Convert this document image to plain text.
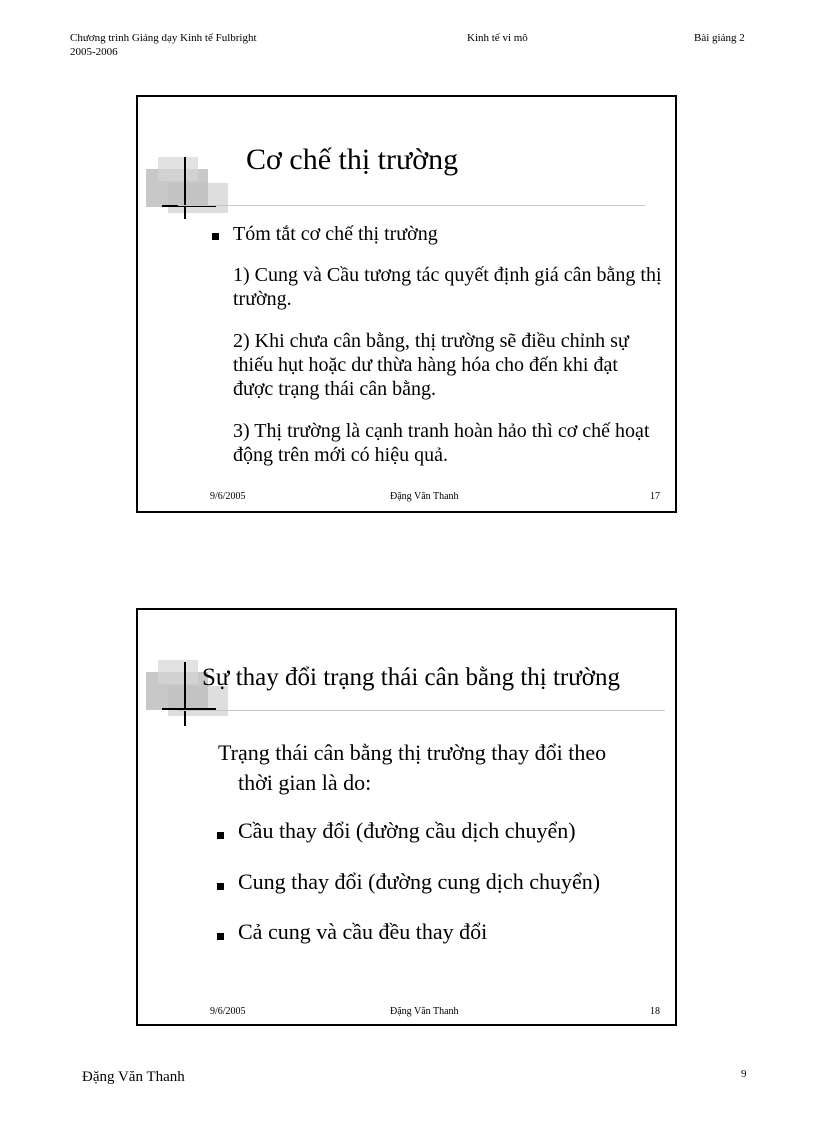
Chương trình Giảng dạy Kinh tế Fulbright
2005-2006
Kinh tế vi mô	Bài giảng 2
Cơ chế thị trường
Tóm tắt cơ chế thị trường
1) Cung và Cầu tương tác quyết định giá cân bằng thị trường.
2) Khi chưa cân bằng, thị trường sẽ điều chỉnh sự thiếu hụt hoặc dư thừa hàng hóa cho đến khi đạt được trạng thái cân bằng.
3) Thị trường là cạnh tranh hoàn hảo thì cơ chế hoạt động trên mới có hiệu quả.
9/6/2005	Đặng Văn Thanh	17
Sự thay đổi trạng thái cân bằng thị trường
Trạng thái cân bằng thị trường thay đổi theo
thời gian là do:
Cầu thay đổi (đường cầu dịch chuyển)
Cung thay đổi (đường cung dịch chuyển)
Cả cung và cầu đều thay đổi
9/6/2005	Đặng Văn Thanh	18
Đặng Văn Thanh	9
